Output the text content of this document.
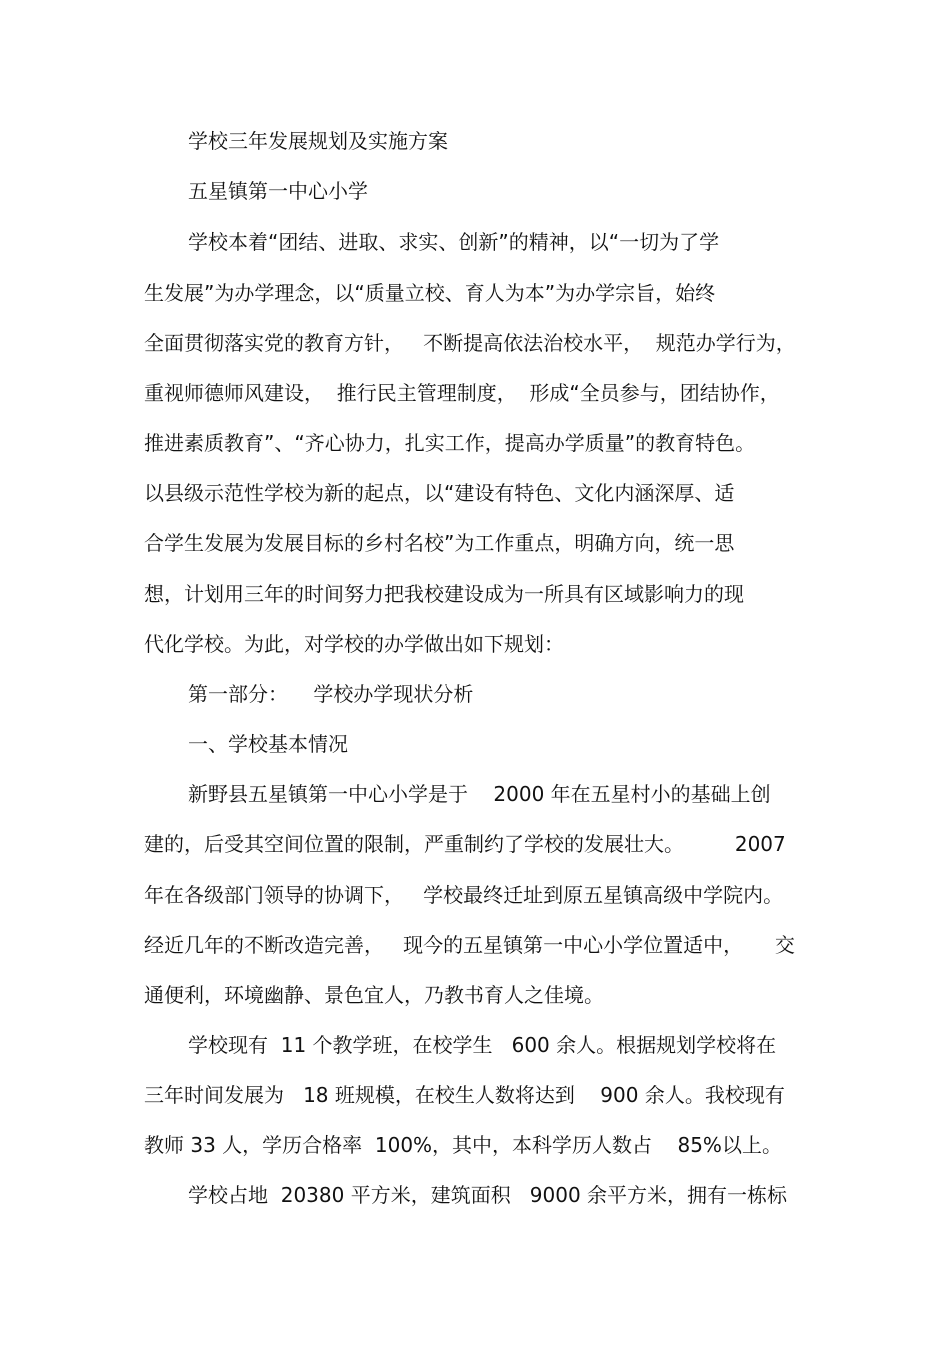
学校三年发展规划及实施方案
五星镇第一中心小学
学校本着“团结、进取、求实、创新”的精神，以“一切为了学
生发展”为办学理念，以“质量立校、育人为本”为办学宗旨，始终
全面贯彻落实党的教育方针，   不断提高依法治校水平，  规范办学行为，
重视师德师风建设，  推行民主管理制度，  形成“全员参与，团结协作，
推进素质教育”、“齐心协力，扎实工作，提高办学质量”的教育特色。
以县级示范性学校为新的起点，以“建设有特色、文化内涵深厚、适
合学生发展为发展目标的乡村名校”为工作重点，明确方向，统一思
想，计划用三年的时间努力把我校建设成为一所具有区域影响力的现
代化学校。为此，对学校的办学做出如下规划：
第一部分：    学校办学现状分析
一、学校基本情况
新野县五星镇第一中心小学是于    2000 年在五星村小的基础上创
建的，后受其空间位置的限制，严重制约了学校的发展壮大。        2007
年在各级部门领导的协调下，   学校最终迁址到原五星镇高级中学院内。
经近几年的不断改造完善，   现今的五星镇第一中心小学位置适中，     交
通便利，环境幽静、景色宜人，乃教书育人之佳境。
学校现有  11 个教学班，在校学生   600 余人。根据规划学校将在
三年时间发展为   18 班规模，在校生人数将达到    900 余人。我校现有
教师 33 人，学历合格率  100%，其中，本科学历人数占    85%以上。
学校占地  20380 平方米，建筑面积   9000 余平方米，拥有一栋标
